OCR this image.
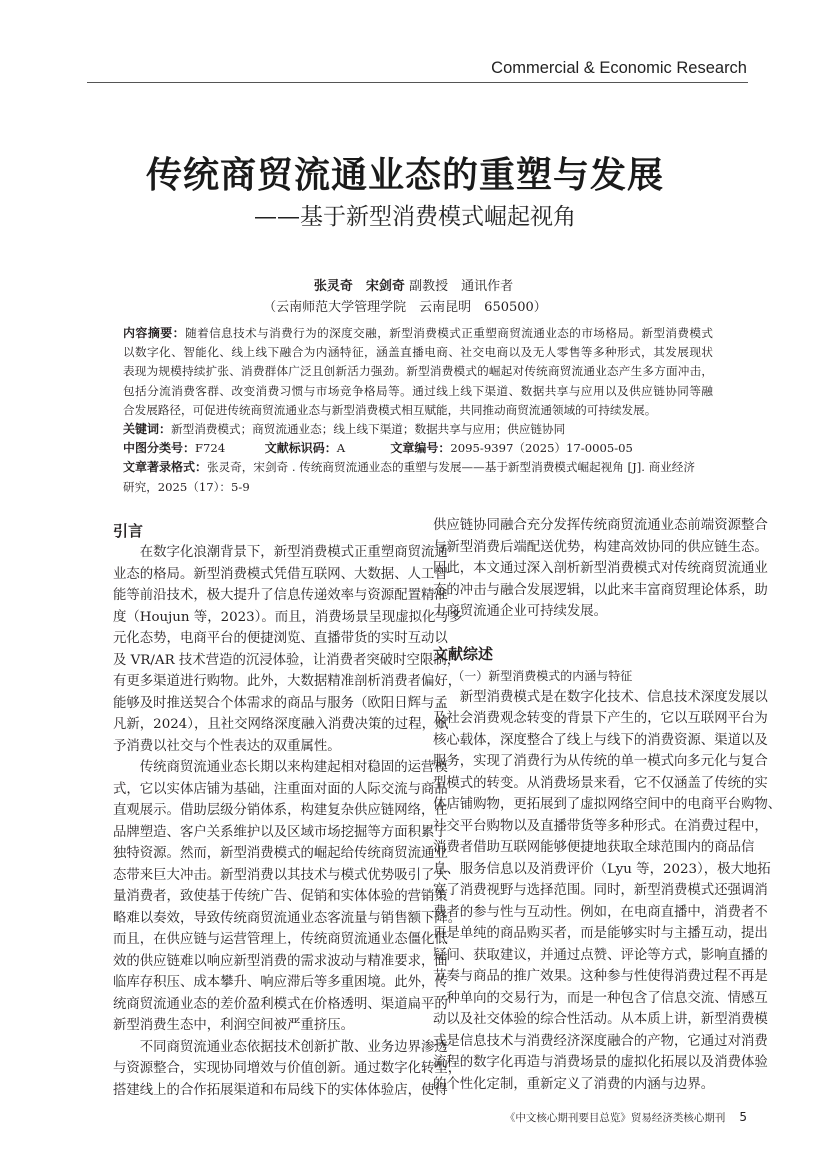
Commercial & Economic Research
传统商贸流通业态的重塑与发展
——基于新型消费模式崛起视角
张灵奇　宋剑奇 副教授　通讯作者
（云南师范大学管理学院　云南昆明　650500）
内容摘要：随着信息技术与消费行为的深度交融，新型消费模式正重塑商贸流通业态的市场格局。新型消费模式
以数字化、智能化、线上线下融合为内涵特征，涵盖直播电商、社交电商以及无人零售等多种形式，其发展现状
表现为规模持续扩张、消费群体广泛且创新活力强劲。新型消费模式的崛起对传统商贸流通业态产生多方面冲击，
包括分流消费客群、改变消费习惯与市场竞争格局等。通过线上线下渠道、数据共享与应用以及供应链协同等融
合发展路径，可促进传统商贸流通业态与新型消费模式相互赋能，共同推动商贸流通领域的可持续发展。
关键词：新型消费模式；商贸流通业态；线上线下渠道；数据共享与应用；供应链协同
中图分类号：F724	文献标识码：A	文章编号：2095-9397（2025）17-0005-05
文章著录格式：张灵奇，宋剑奇 . 传统商贸流通业态的重塑与发展——基于新型消费模式崛起视角 [J]. 商业经济
研究，2025（17）：5-9
引言
在数字化浪潮背景下，新型消费模式正重塑商贸流通
业态的格局。新型消费模式凭借互联网、大数据、人工智
能等前沿技术，极大提升了信息传递效率与资源配置精准
度（Houjun 等，2023）。而且，消费场景呈现虚拟化与多
元化态势，电商平台的便捷浏览、直播带货的实时互动以
及 VR/AR 技术营造的沉浸体验，让消费者突破时空限制，
有更多渠道进行购物。此外，大数据精准剖析消费者偏好，
能够及时推送契合个体需求的商品与服务（欧阳日辉与孟
凡新，2024），且社交网络深度融入消费决策的过程，赋
予消费以社交与个性表达的双重属性。
传统商贸流通业态长期以来构建起相对稳固的运营模
式，它以实体店铺为基础，注重面对面的人际交流与商品
直观展示。借助层级分销体系，构建复杂供应链网络，在
品牌塑造、客户关系维护以及区域市场挖掘等方面积累了
独特资源。然而，新型消费模式的崛起给传统商贸流通业
态带来巨大冲击。新型消费以其技术与模式优势吸引了大
量消费者，致使基于传统广告、促销和实体体验的营销策
略难以奏效，导致传统商贸流通业态客流量与销售额下降。
而且，在供应链与运营管理上，传统商贸流通业态僵化低
效的供应链难以响应新型消费的需求波动与精准要求，面
临库存积压、成本攀升、响应滞后等多重困境。此外，传
统商贸流通业态的差价盈利模式在价格透明、渠道扁平的
新型消费生态中，利润空间被严重挤压。
不同商贸流通业态依据技术创新扩散、业务边界渗透
与资源整合，实现协同增效与价值创新。通过数字化转型，
搭建线上的合作拓展渠道和布局线下的实体体验店，使得
供应链协同融合充分发挥传统商贸流通业态前端资源整合
与新型消费后端配送优势，构建高效协同的供应链生态。
因此，本文通过深入剖析新型消费模式对传统商贸流通业
态的冲击与融合发展逻辑，以此来丰富商贸理论体系，助
力商贸流通企业可持续发展。
文献综述
（一）新型消费模式的内涵与特征
新型消费模式是在数字化技术、信息技术深度发展以
及社会消费观念转变的背景下产生的，它以互联网平台为
核心载体，深度整合了线上与线下的消费资源、渠道以及
服务，实现了消费行为从传统的单一模式向多元化与复合
型模式的转变。从消费场景来看，它不仅涵盖了传统的实
体店铺购物，更拓展到了虚拟网络空间中的电商平台购物、
社交平台购物以及直播带货等多种形式。在消费过程中，
消费者借助互联网能够便捷地获取全球范围内的商品信
息、服务信息以及消费评价（Lyu 等，2023），极大地拓
宽了消费视野与选择范围。同时，新型消费模式还强调消
费者的参与性与互动性。例如，在电商直播中，消费者不
再是单纯的商品购买者，而是能够实时与主播互动，提出
疑问、获取建议，并通过点赞、评论等方式，影响直播的
节奏与商品的推广效果。这种参与性使得消费过程不再是
一种单向的交易行为，而是一种包含了信息交流、情感互
动以及社交体验的综合性活动。从本质上讲，新型消费模
式是信息技术与消费经济深度融合的产物，它通过对消费
流程的数字化再造与消费场景的虚拟化拓展以及消费体验
的个性化定制，重新定义了消费的内涵与边界。
《中文核心期刊要目总览》贸易经济类核心期刊 5
